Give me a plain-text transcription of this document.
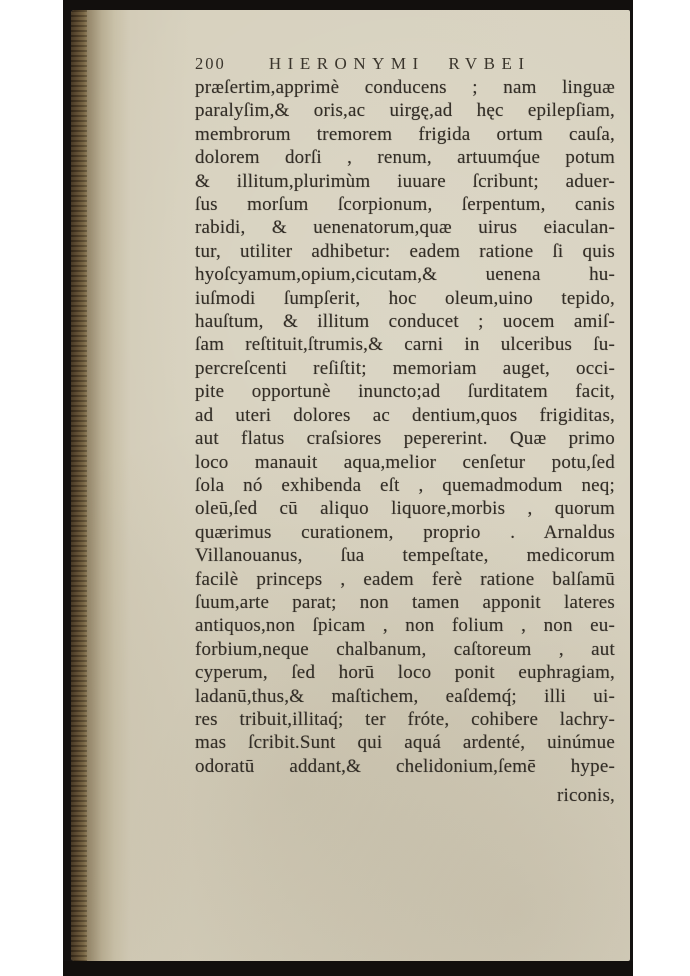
200	HIERONYMI RVBEI
præſertim,apprimè conducens ; nam linguæ
paralyſim,& oris,ac uirgę,ad hęc epilepſiam,
membrorum tremorem frigida ortum cauſa,
dolorem dorſi , renum, artuumq́ue potum
& illitum,plurimùm iuuare ſcribunt; aduer-
ſus morſum ſcorpionum, ſerpentum, canis
rabidi, & uenenatorum,quæ uirus eiaculan-
tur, utiliter adhibetur: eadem ratione ſi quis
hyoſcyamum,opium,cicutam,& uenena hu-
iuſmodi ſumpſerit, hoc oleum,uino tepido,
hauſtum, & illitum conducet ; uocem amiſ-
ſam reſtituit,ſtrumis,& carni in ulceribus ſu-
percreſcenti reſiſtit; memoriam auget, occi-
pite opportunè inuncto;ad ſurditatem facit,
ad uteri dolores ac dentium,quos frigiditas,
aut flatus craſsiores pepererint. Quæ primo
loco manauit aqua,melior cenſetur potu,ſed
ſola nó exhibenda eſt , quemadmodum neq;
oleū,ſed cū aliquo liquore,morbis , quorum
quærimus curationem, proprio . Arnaldus
Villanouanus, ſua tempeſtate, medicorum
facilè princeps , eadem ferè ratione balſamū
ſuum,arte parat; non tamen apponit lateres
antiquos,non ſpicam , non folium , non eu-
forbium,neque chalbanum, caſtoreum , aut
cyperum, ſed horū loco ponit euphragiam,
ladanū,thus,& maſtichem, eaſdemq́; illi ui-
res tribuit,illitaq́; ter fróte, cohibere lachry-
mas ſcribit.Sunt qui aquá ardenté, uinúmue
odoratū addant,& chelidonium,ſemē hype-
riconis,
